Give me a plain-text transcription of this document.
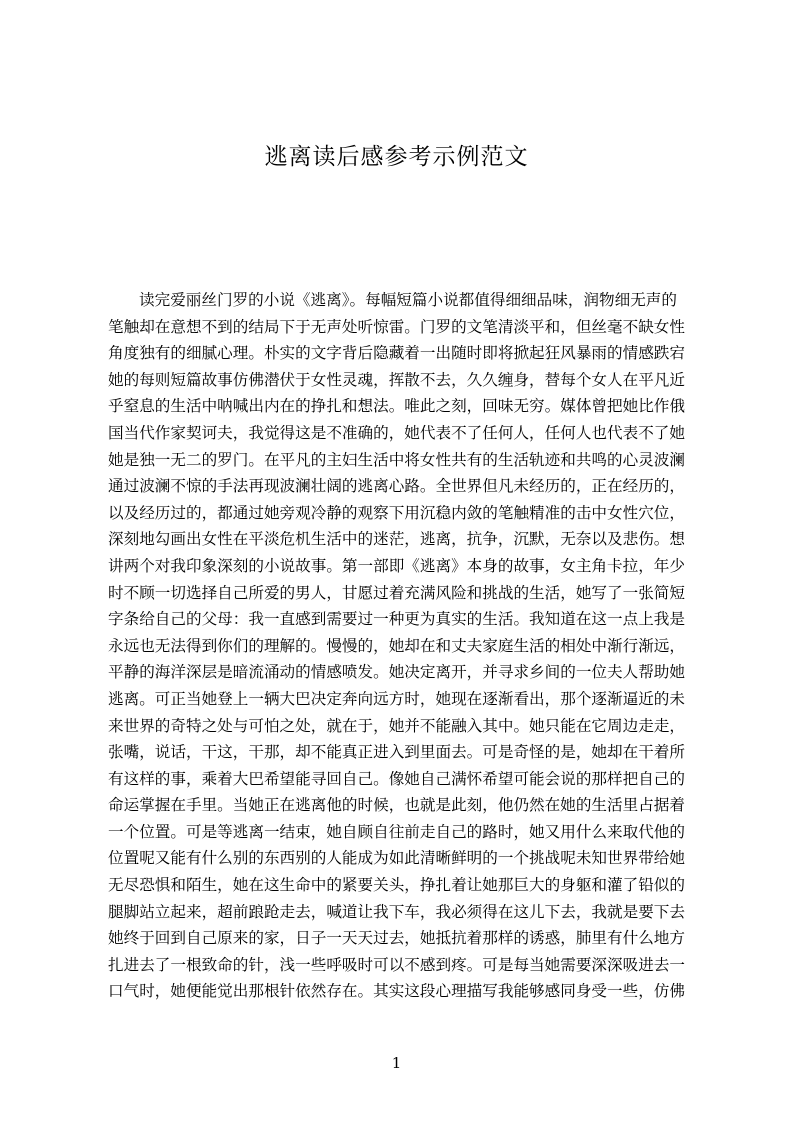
逃离读后感参考示例范文
读完爱丽丝门罗的小说《逃离》。每幅短篇小说都值得细细品味，润物细无声的
笔触却在意想不到的结局下于无声处听惊雷。门罗的文笔清淡平和，但丝毫不缺女性
角度独有的细腻心理。朴实的文字背后隐藏着一出随时即将掀起狂风暴雨的情感跌宕
她的每则短篇故事仿佛潜伏于女性灵魂，挥散不去，久久缠身，替每个女人在平凡近
乎窒息的生活中呐喊出内在的挣扎和想法。唯此之刻，回味无穷。媒体曾把她比作俄
国当代作家契诃夫，我觉得这是不准确的，她代表不了任何人，任何人也代表不了她
她是独一无二的罗门。在平凡的主妇生活中将女性共有的生活轨迹和共鸣的心灵波澜
通过波澜不惊的手法再现波澜壮阔的逃离心路。全世界但凡未经历的，正在经历的，
以及经历过的，都通过她旁观冷静的观察下用沉稳内敛的笔触精准的击中女性穴位，
深刻地勾画出女性在平淡危机生活中的迷茫，逃离，抗争，沉默，无奈以及悲伤。想
讲两个对我印象深刻的小说故事。第一部即《逃离》本身的故事，女主角卡拉，年少
时不顾一切选择自己所爱的男人，甘愿过着充满风险和挑战的生活，她写了一张简短
字条给自己的父母：我一直感到需要过一种更为真实的生活。我知道在这一点上我是
永远也无法得到你们的理解的。慢慢的，她却在和丈夫家庭生活的相处中渐行渐远，
平静的海洋深层是暗流涌动的情感喷发。她决定离开，并寻求乡间的一位夫人帮助她
逃离。可正当她登上一辆大巴决定奔向远方时，她现在逐渐看出，那个逐渐逼近的未
来世界的奇特之处与可怕之处，就在于，她并不能融入其中。她只能在它周边走走，
张嘴，说话，干这，干那，却不能真正进入到里面去。可是奇怪的是，她却在干着所
有这样的事，乘着大巴希望能寻回自己。像她自己满怀希望可能会说的那样把自己的
命运掌握在手里。当她正在逃离他的时候，也就是此刻，他仍然在她的生活里占据着
一个位置。可是等逃离一结束，她自顾自往前走自己的路时，她又用什么来取代他的
位置呢又能有什么别的东西别的人能成为如此清晰鲜明的一个挑战呢未知世界带给她
无尽恐惧和陌生，她在这生命中的紧要关头，挣扎着让她那巨大的身躯和灌了铅似的
腿脚站立起来，超前踉跄走去，喊道让我下车，我必须得在这儿下去，我就是要下去
她终于回到自己原来的家，日子一天天过去，她抵抗着那样的诱惑，肺里有什么地方
扎进去了一根致命的针，浅一些呼吸时可以不感到疼。可是每当她需要深深吸进去一
口气时，她便能觉出那根针依然存在。其实这段心理描写我能够感同身受一些，仿佛
1
